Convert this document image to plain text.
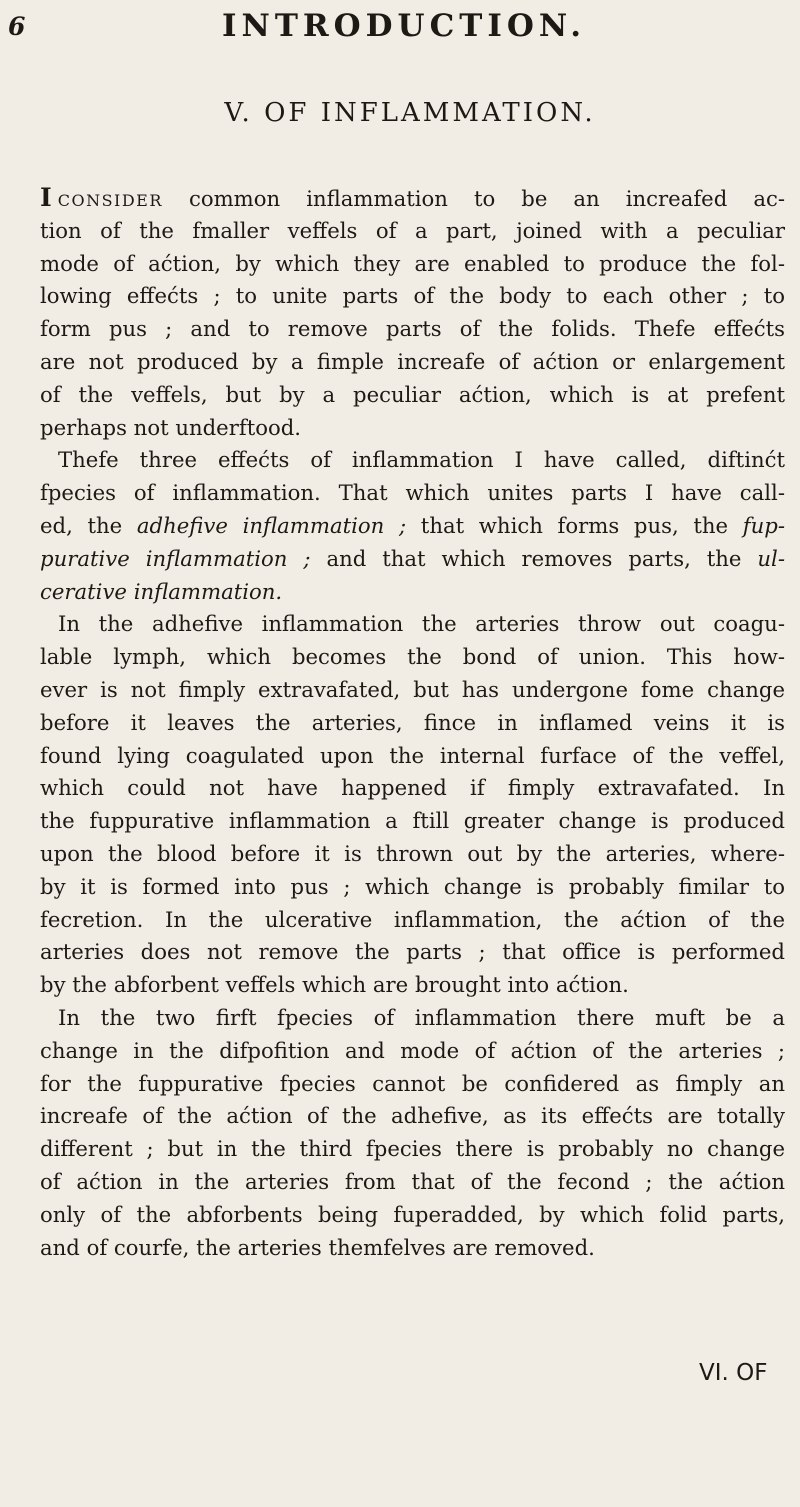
6	INTRODUCTION.
V. OF INFLAMMATION.
ICONSIDER common inflammation to be an increafed ac-
tion of the fmaller veffels of a part, joined with a peculiar
mode of aćtion, by which they are enabled to produce the fol-
lowing effećts ; to unite parts of the body to each other ; to
form pus ; and to remove parts of the folids. Thefe effećts
are not produced by a fimple increafe of aćtion or enlargement
of the veffels, but by a peculiar aćtion, which is at prefent
perhaps not underftood.
Thefe three effećts of inflammation I have called, diftinćt
fpecies of inflammation. That which unites parts I have call-
ed, the adhefive inflammation ; that which forms pus, the fup-
purative inflammation ; and that which removes parts, the ul-
cerative inflammation.
In the adhefive inflammation the arteries throw out coagu-
lable lymph, which becomes the bond of union. This how-
ever is not fimply extravafated, but has undergone fome change
before it leaves the arteries, fince in inflamed veins it is
found lying coagulated upon the internal furface of the veffel,
which could not have happened if fimply extravafated. In
the fuppurative inflammation a ftill greater change is produced
upon the blood before it is thrown out by the arteries, where-
by it is formed into pus ; which change is probably fimilar to
fecretion. In the ulcerative inflammation, the aćtion of the
arteries does not remove the parts ; that office is performed
by the abforbent veffels which are brought into aćtion.
In the two firft fpecies of inflammation there muft be a
change in the difpofition and mode of aćtion of the arteries ;
for the fuppurative fpecies cannot be confidered as fimply an
increafe of the aćtion of the adhefive, as its effećts are totally
different ; but in the third fpecies there is probably no change
of aćtion in the arteries from that of the fecond ; the aćtion
only of the abforbents being fuperadded, by which folid parts,
and of courfe, the arteries themfelves are removed.
VI. OF
